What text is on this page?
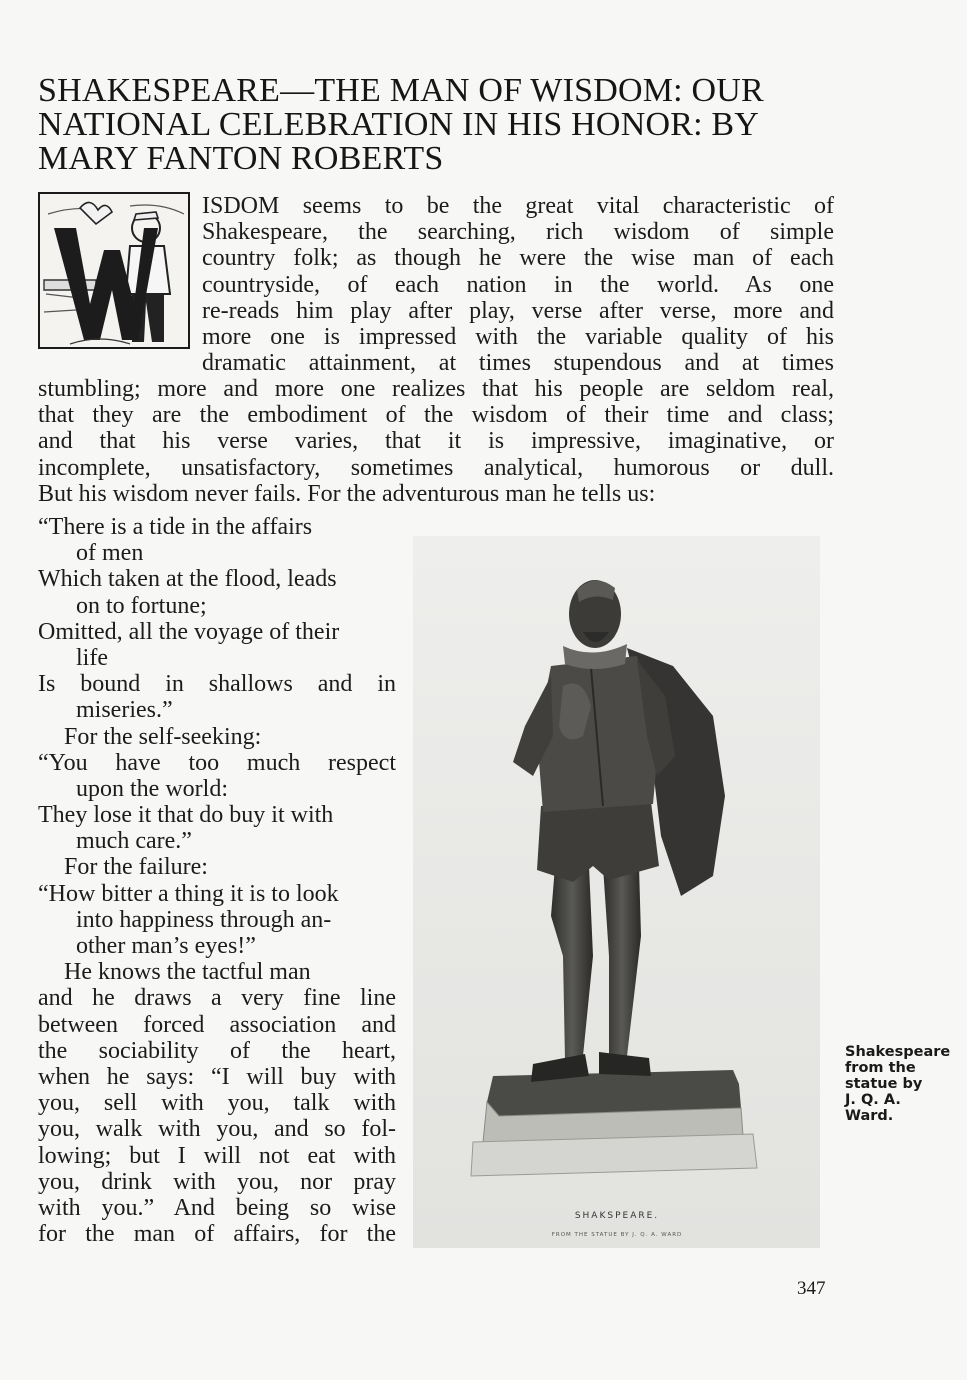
SHAKESPEARE—THE MAN OF WISDOM: OUR
NATIONAL CELEBRATION IN HIS HONOR: BY
MARY FANTON ROBERTS
ISDOM seems to be the great vital characteristic of
Shakespeare, the searching, rich wisdom of simple
country folk; as though he were the wise man of each
countryside, of each nation in the world. As one
re-reads him play after play, verse after verse, more and
more one is impressed with the variable quality of his
dramatic attainment, at times stupendous and at times
stumbling; more and more one realizes that his people are seldom real,
that they are the embodiment of the wisdom of their time and class;
and that his verse varies, that it is impressive, imaginative, or
incomplete, unsatisfactory, sometimes analytical, humorous or dull.
But his wisdom never fails. For the adventurous man he tells us:
“There is a tide in the affairs
of men
Which taken at the flood, leads
on to fortune;
Omitted, all the voyage of their
life
Is bound in shallows and in
miseries.”
For the self-seeking:
“You have too much respect
upon the world:
They lose it that do buy it with
much care.”
For the failure:
“How bitter a thing it is to look
into happiness through an-
other man’s eyes!”
He knows the tactful man
and he draws a very fine line
between forced association and
the sociability of the heart,
when he says: “I will buy with
you, sell with you, talk with
you, walk with you, and so fol-
lowing; but I will not eat with
you, drink with you, nor pray
with you.” And being so wise
for the man of affairs, for the
SHAKSPEARE.
FROM THE STATUE BY J. Q. A. WARD
Shakespeare
from the
statue by
J. Q. A.
Ward.
347
